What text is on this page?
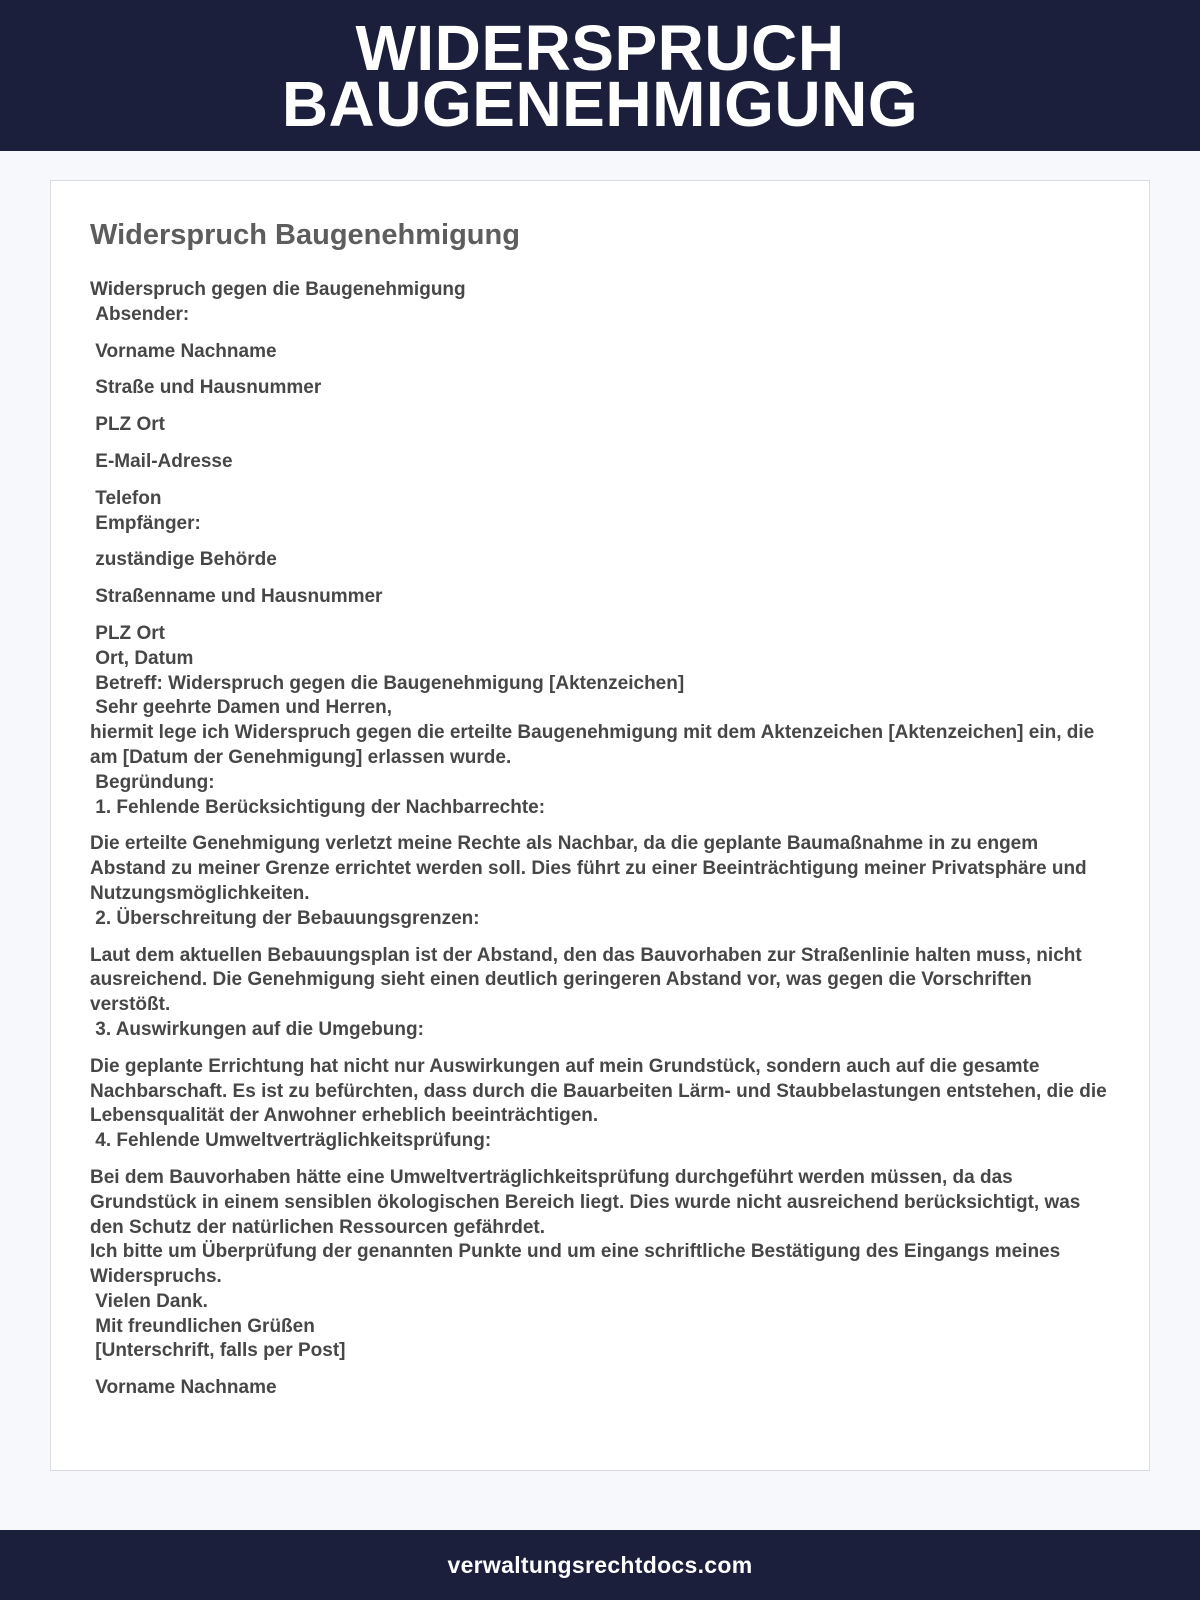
WIDERSPRUCH
BAUGENEHMIGUNG
Widerspruch Baugenehmigung
Widerspruch gegen die Baugenehmigung
Absender:
Vorname Nachname
Straße und Hausnummer
PLZ Ort
E-Mail-Adresse
Telefon
Empfänger:
zuständige Behörde
Straßenname und Hausnummer
PLZ Ort
Ort, Datum
Betreff: Widerspruch gegen die Baugenehmigung [Aktenzeichen]
Sehr geehrte Damen und Herren,
hiermit lege ich Widerspruch gegen die erteilte Baugenehmigung mit dem Aktenzeichen [Aktenzeichen] ein, die am [Datum der Genehmigung] erlassen wurde.
Begründung:
1. Fehlende Berücksichtigung der Nachbarrechte:
Die erteilte Genehmigung verletzt meine Rechte als Nachbar, da die geplante Baumaßnahme in zu engem Abstand zu meiner Grenze errichtet werden soll. Dies führt zu einer Beeinträchtigung meiner Privatsphäre und Nutzungsmöglichkeiten.
2. Überschreitung der Bebauungsgrenzen:
Laut dem aktuellen Bebauungsplan ist der Abstand, den das Bauvorhaben zur Straßenlinie halten muss, nicht ausreichend. Die Genehmigung sieht einen deutlich geringeren Abstand vor, was gegen die Vorschriften verstößt.
3. Auswirkungen auf die Umgebung:
Die geplante Errichtung hat nicht nur Auswirkungen auf mein Grundstück, sondern auch auf die gesamte Nachbarschaft. Es ist zu befürchten, dass durch die Bauarbeiten Lärm- und Staubbelastungen entstehen, die die Lebensqualität der Anwohner erheblich beeinträchtigen.
4. Fehlende Umweltverträglichkeitsprüfung:
Bei dem Bauvorhaben hätte eine Umweltverträglichkeitsprüfung durchgeführt werden müssen, da das Grundstück in einem sensiblen ökologischen Bereich liegt. Dies wurde nicht ausreichend berücksichtigt, was den Schutz der natürlichen Ressourcen gefährdet.
Ich bitte um Überprüfung der genannten Punkte und um eine schriftliche Bestätigung des Eingangs meines Widerspruchs.
Vielen Dank.
Mit freundlichen Grüßen
[Unterschrift, falls per Post]
Vorname Nachname
verwaltungsrechtdocs.com
